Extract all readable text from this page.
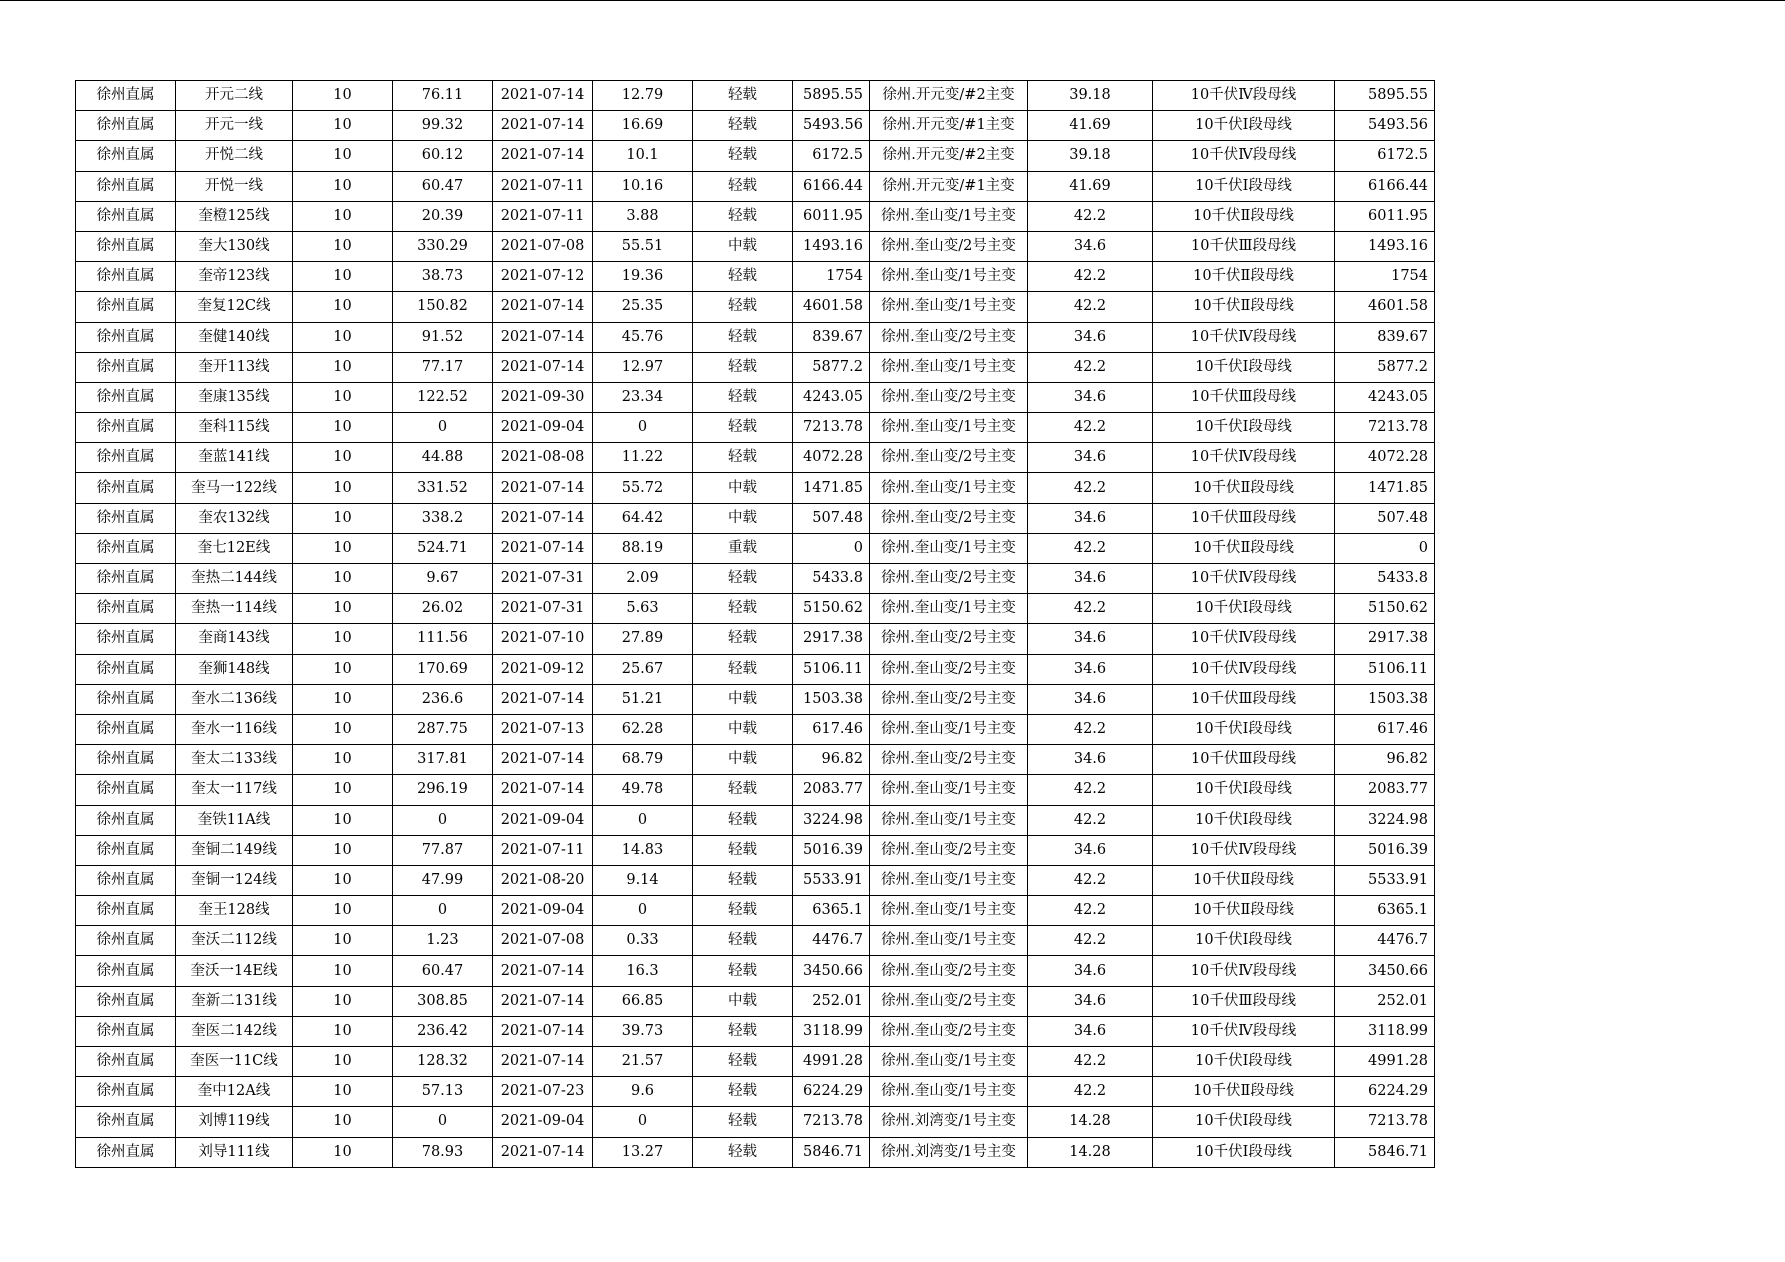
徐州直属	开元二线	10	76.11	2021-07-14	12.79	轻载	5895.55	徐州.开元变/#2主变	39.18	10千伏Ⅳ段母线	5895.55
徐州直属	开元一线	10	99.32	2021-07-14	16.69	轻载	5493.56	徐州.开元变/#1主变	41.69	10千伏Ⅰ段母线	5493.56
徐州直属	开悦二线	10	60.12	2021-07-14	10.1	轻载	6172.5	徐州.开元变/#2主变	39.18	10千伏Ⅳ段母线	6172.5
徐州直属	开悦一线	10	60.47	2021-07-11	10.16	轻载	6166.44	徐州.开元变/#1主变	41.69	10千伏Ⅰ段母线	6166.44
徐州直属	奎橙125线	10	20.39	2021-07-11	3.88	轻载	6011.95	徐州.奎山变/1号主变	42.2	10千伏Ⅱ段母线	6011.95
徐州直属	奎大130线	10	330.29	2021-07-08	55.51	中载	1493.16	徐州.奎山变/2号主变	34.6	10千伏Ⅲ段母线	1493.16
徐州直属	奎帝123线	10	38.73	2021-07-12	19.36	轻载	1754	徐州.奎山变/1号主变	42.2	10千伏Ⅱ段母线	1754
徐州直属	奎复12C线	10	150.82	2021-07-14	25.35	轻载	4601.58	徐州.奎山变/1号主变	42.2	10千伏Ⅱ段母线	4601.58
徐州直属	奎健140线	10	91.52	2021-07-14	45.76	轻载	839.67	徐州.奎山变/2号主变	34.6	10千伏Ⅳ段母线	839.67
徐州直属	奎开113线	10	77.17	2021-07-14	12.97	轻载	5877.2	徐州.奎山变/1号主变	42.2	10千伏Ⅰ段母线	5877.2
徐州直属	奎康135线	10	122.52	2021-09-30	23.34	轻载	4243.05	徐州.奎山变/2号主变	34.6	10千伏Ⅲ段母线	4243.05
徐州直属	奎科115线	10	0	2021-09-04	0	轻载	7213.78	徐州.奎山变/1号主变	42.2	10千伏Ⅰ段母线	7213.78
徐州直属	奎蓝141线	10	44.88	2021-08-08	11.22	轻载	4072.28	徐州.奎山变/2号主变	34.6	10千伏Ⅳ段母线	4072.28
徐州直属	奎马一122线	10	331.52	2021-07-14	55.72	中载	1471.85	徐州.奎山变/1号主变	42.2	10千伏Ⅱ段母线	1471.85
徐州直属	奎农132线	10	338.2	2021-07-14	64.42	中载	507.48	徐州.奎山变/2号主变	34.6	10千伏Ⅲ段母线	507.48
徐州直属	奎七12E线	10	524.71	2021-07-14	88.19	重载	0	徐州.奎山变/1号主变	42.2	10千伏Ⅱ段母线	0
徐州直属	奎热二144线	10	9.67	2021-07-31	2.09	轻载	5433.8	徐州.奎山变/2号主变	34.6	10千伏Ⅳ段母线	5433.8
徐州直属	奎热一114线	10	26.02	2021-07-31	5.63	轻载	5150.62	徐州.奎山变/1号主变	42.2	10千伏Ⅰ段母线	5150.62
徐州直属	奎商143线	10	111.56	2021-07-10	27.89	轻载	2917.38	徐州.奎山变/2号主变	34.6	10千伏Ⅳ段母线	2917.38
徐州直属	奎狮148线	10	170.69	2021-09-12	25.67	轻载	5106.11	徐州.奎山变/2号主变	34.6	10千伏Ⅳ段母线	5106.11
徐州直属	奎水二136线	10	236.6	2021-07-14	51.21	中载	1503.38	徐州.奎山变/2号主变	34.6	10千伏Ⅲ段母线	1503.38
徐州直属	奎水一116线	10	287.75	2021-07-13	62.28	中载	617.46	徐州.奎山变/1号主变	42.2	10千伏Ⅰ段母线	617.46
徐州直属	奎太二133线	10	317.81	2021-07-14	68.79	中载	96.82	徐州.奎山变/2号主变	34.6	10千伏Ⅲ段母线	96.82
徐州直属	奎太一117线	10	296.19	2021-07-14	49.78	轻载	2083.77	徐州.奎山变/1号主变	42.2	10千伏Ⅰ段母线	2083.77
徐州直属	奎铁11A线	10	0	2021-09-04	0	轻载	3224.98	徐州.奎山变/1号主变	42.2	10千伏Ⅰ段母线	3224.98
徐州直属	奎铜二149线	10	77.87	2021-07-11	14.83	轻载	5016.39	徐州.奎山变/2号主变	34.6	10千伏Ⅳ段母线	5016.39
徐州直属	奎铜一124线	10	47.99	2021-08-20	9.14	轻载	5533.91	徐州.奎山变/1号主变	42.2	10千伏Ⅱ段母线	5533.91
徐州直属	奎王128线	10	0	2021-09-04	0	轻载	6365.1	徐州.奎山变/1号主变	42.2	10千伏Ⅱ段母线	6365.1
徐州直属	奎沃二112线	10	1.23	2021-07-08	0.33	轻载	4476.7	徐州.奎山变/1号主变	42.2	10千伏Ⅰ段母线	4476.7
徐州直属	奎沃一14E线	10	60.47	2021-07-14	16.3	轻载	3450.66	徐州.奎山变/2号主变	34.6	10千伏Ⅳ段母线	3450.66
徐州直属	奎新二131线	10	308.85	2021-07-14	66.85	中载	252.01	徐州.奎山变/2号主变	34.6	10千伏Ⅲ段母线	252.01
徐州直属	奎医二142线	10	236.42	2021-07-14	39.73	轻载	3118.99	徐州.奎山变/2号主变	34.6	10千伏Ⅳ段母线	3118.99
徐州直属	奎医一11C线	10	128.32	2021-07-14	21.57	轻载	4991.28	徐州.奎山变/1号主变	42.2	10千伏Ⅰ段母线	4991.28
徐州直属	奎中12A线	10	57.13	2021-07-23	9.6	轻载	6224.29	徐州.奎山变/1号主变	42.2	10千伏Ⅱ段母线	6224.29
徐州直属	刘博119线	10	0	2021-09-04	0	轻载	7213.78	徐州.刘湾变/1号主变	14.28	10千伏Ⅰ段母线	7213.78
徐州直属	刘导111线	10	78.93	2021-07-14	13.27	轻载	5846.71	徐州.刘湾变/1号主变	14.28	10千伏Ⅰ段母线	5846.71
